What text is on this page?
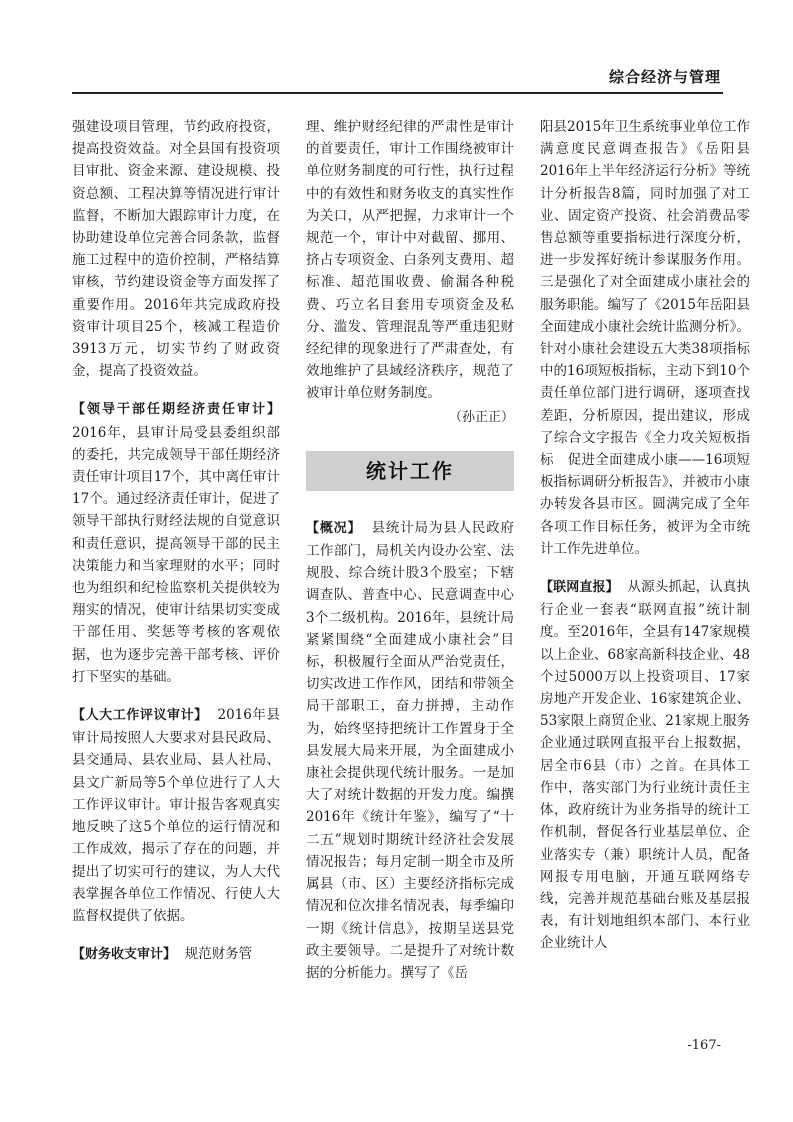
综合经济与管理

强建设项目管理，节约政府投资，提高投资效益。对全县国有投资项目审批、资金来源、建设规模、投资总额、工程决算等情况进行审计监督，不断加大跟踪审计力度，在协助建设单位完善合同条款，监督施工过程中的造价控制，严格结算审核，节约建设资金等方面发挥了重要作用。2016年共完成政府投资审计项目25个，核减工程造价3913万元，切实节约了财政资金，提高了投资效益。

【领导干部任期经济责任审计】2016年，县审计局受县委组织部的委托，共完成领导干部任期经济责任审计项目17个，其中离任审计17个。通过经济责任审计，促进了领导干部执行财经法规的自觉意识和责任意识，提高领导干部的民主决策能力和当家理财的水平；同时也为组织和纪检监察机关提供较为翔实的情况，使审计结果切实变成干部任用、奖惩等考核的客观依据，也为逐步完善干部考核、评价打下坚实的基础。

【人大工作评议审计】 2016年县审计局按照人大要求对县民政局、县交通局、县农业局、县人社局、县文广新局等5个单位进行了人大工作评议审计。审计报告客观真实地反映了这5个单位的运行情况和工作成效，揭示了存在的问题，并提出了切实可行的建议，为人大代表掌握各单位工作情况、行使人大监督权提供了依据。

【财务收支审计】 规范财务管

理、维护财经纪律的严肃性是审计的首要责任，审计工作围绕被审计单位财务制度的可行性，执行过程中的有效性和财务收支的真实性作为关口，从严把握，力求审计一个规范一个，审计中对截留、挪用、挤占专项资金、白条列支费用、超标准、超范围收费、偷漏各种税费、巧立名目套用专项资金及私分、滥发、管理混乱等严重违犯财经纪律的现象进行了严肃查处，有效地维护了县域经济秩序，规范了被审计单位财务制度。

（孙正正）
统计工作

【概况】 县统计局为县人民政府工作部门，局机关内设办公室、法规股、综合统计股3个股室；下辖调查队、普查中心、民意调查中心3个二级机构。2016年，县统计局紧紧围绕“全面建成小康社会”目标，积极履行全面从严治党责任，切实改进工作作风，团结和带领全局干部职工，奋力拼搏，主动作为，始终坚持把统计工作置身于全县发展大局来开展，为全面建成小康社会提供现代统计服务。一是加大了对统计数据的开发力度。编撰2016年《统计年鉴》，编写了“十二五”规划时期统计经济社会发展情况报告；每月定制一期全市及所属县（市、区）主要经济指标完成情况和位次排名情况表，每季编印一期《统计信息》，按期呈送县党政主要领导。二是提升了对统计数据的分析能力。撰写了《岳

阳县2015年卫生系统事业单位工作满意度民意调查报告》《岳阳县2016年上半年经济运行分析》等统计分析报告8篇，同时加强了对工业、固定资产投资、社会消费品零售总额等重要指标进行深度分析，进一步发挥好统计参谋服务作用。三是强化了对全面建成小康社会的服务职能。编写了《2015年岳阳县全面建成小康社会统计监测分析》。针对小康社会建设五大类38项指标中的16项短板指标，主动下到10个责任单位部门进行调研，逐项查找差距，分析原因，提出建议，形成了综合文字报告《全力攻关短板指标　促进全面建成小康——16项短板指标调研分析报告》，并被市小康办转发各县市区。圆满完成了全年各项工作目标任务，被评为全市统计工作先进单位。

【联网直报】 从源头抓起，认真执行企业一套表“联网直报”统计制度。至2016年，全县有147家规模以上企业、68家高新科技企业、48个过5000万以上投资项目、17家房地产开发企业、16家建筑企业、53家限上商贸企业、21家规上服务企业通过联网直报平台上报数据，居全市6县（市）之首。在具体工作中，落实部门为行业统计责任主体，政府统计为业务指导的统计工作机制，督促各行业基层单位、企业落实专（兼）职统计人员，配备网报专用电脑，开通互联网络专线，完善并规范基础台账及基层报表，有计划地组织本部门、本行业企业统计人

-167-
